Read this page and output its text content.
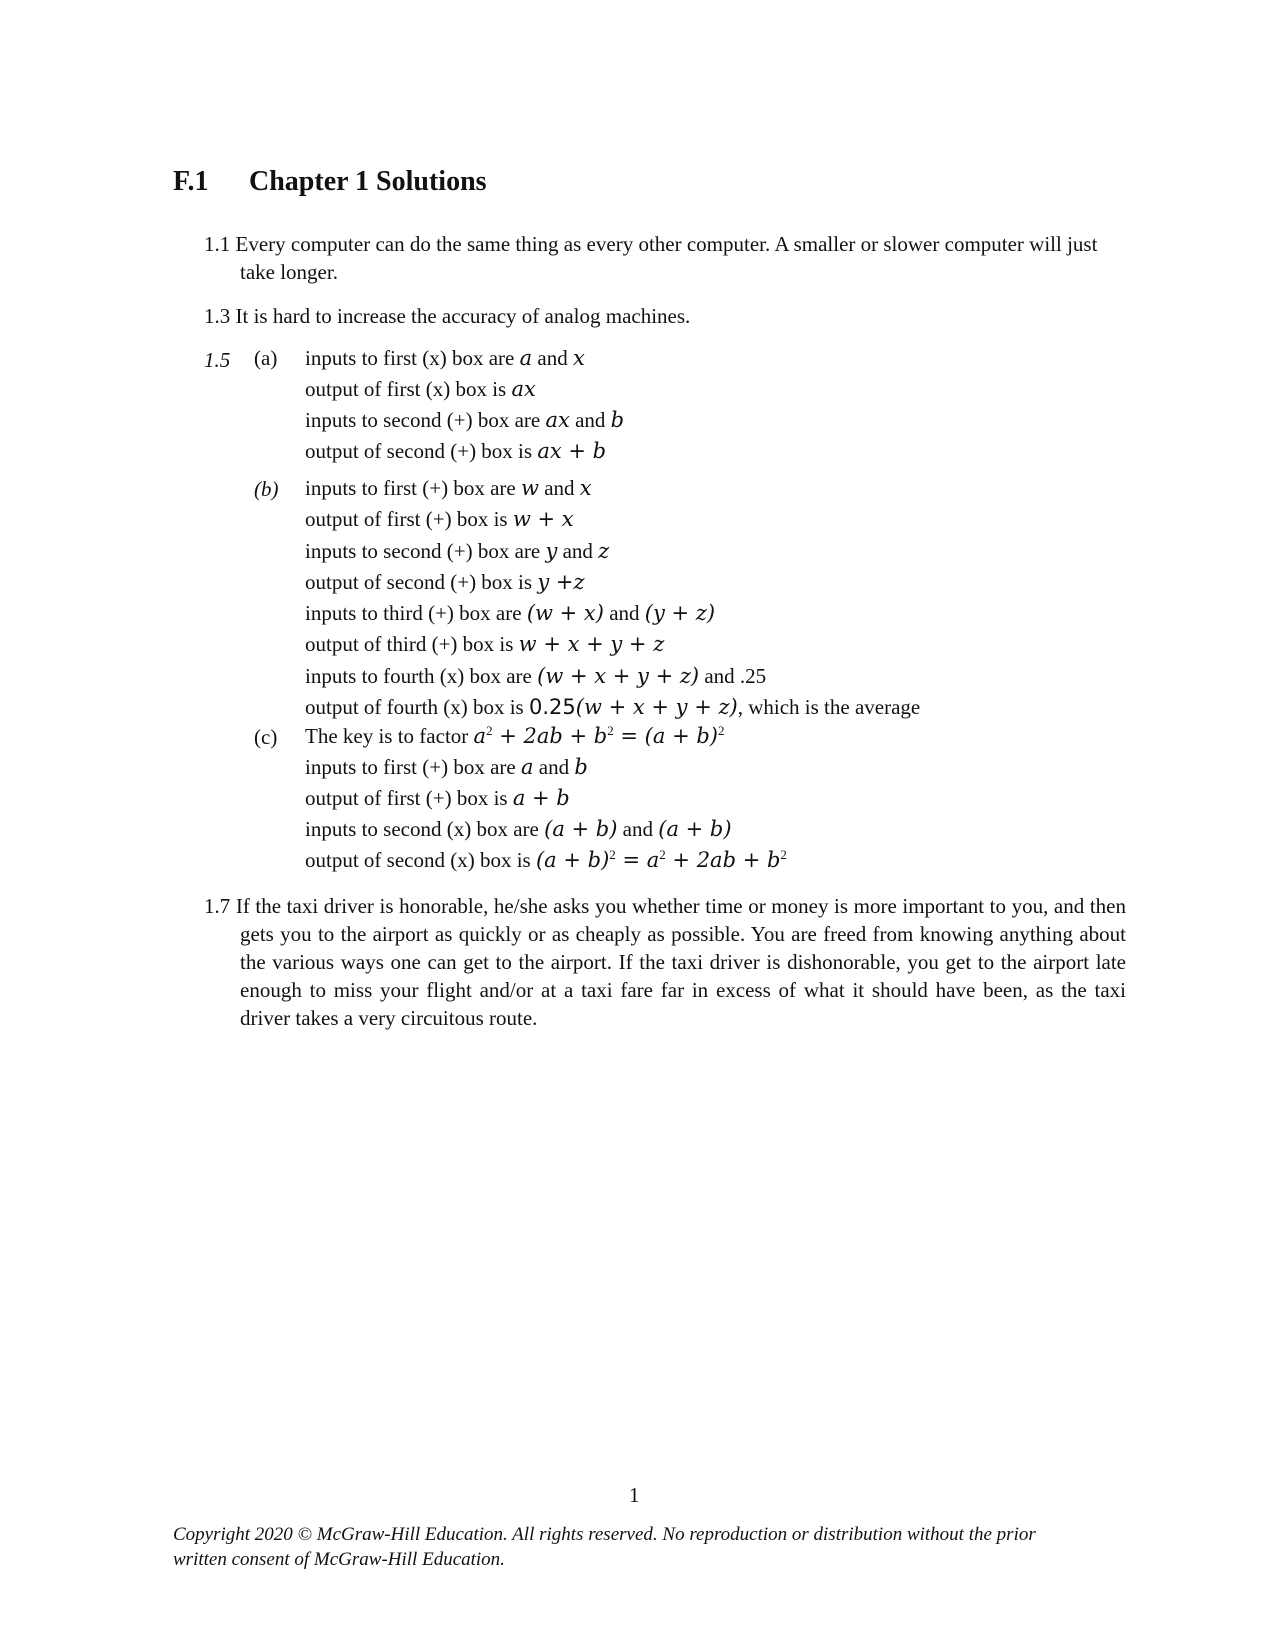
F.1 Chapter 1 Solutions

1.1 Every computer can do the same thing as every other computer. A smaller or slower computer will just take longer.

1.3 It is hard to increase the accuracy of analog machines.

1.5 (a) inputs to first (x) box are a and x
output of first (x) box is ax
inputs to second (+) box are ax and b
output of second (+) box is ax + b
(b) inputs to first (+) box are w and x
output of first (+) box is w + x
inputs to second (+) box are y and z
output of second (+) box is y +z
inputs to third (+) box are (w + x) and (y + z)
output of third (+) box is w + x + y + z
inputs to fourth (x) box are (w + x + y + z) and .25
output of fourth (x) box is 0.25(w + x + y + z), which is the average
(c) The key is to factor $a^2 + 2ab + b^2 = (a + b)^2$
inputs to first (+) box are a and b
output of first (+) box is a + b
inputs to second (x) box are (a + b) and (a + b)
output of second (x) box is $(a + b)^2 = a^2 + 2ab + b^2$

1.7 If the taxi driver is honorable, he/she asks you whether time or money is more important to you, and then gets you to the airport as quickly or as cheaply as possible. You are freed from knowing anything about the various ways one can get to the airport. If the taxi driver is dishonorable, you get to the airport late enough to miss your flight and/or at a taxi fare far in excess of what it should have been, as the taxi driver takes a very circuitous route.

1

Copyright 2020 © McGraw-Hill Education. All rights reserved. No reproduction or distribution without the prior written consent of McGraw-Hill Education.
